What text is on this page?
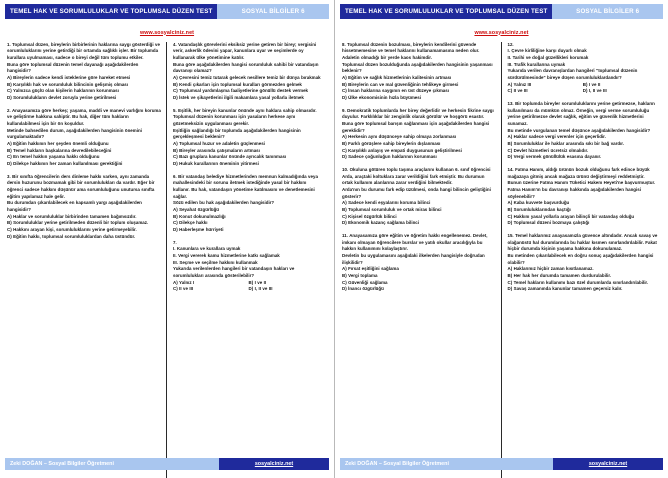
TEMEL HAK VE SORUMLULUKLAR VE TOPLUMSAL DÜZEN TEST	SOSYAL BİLGİLER 6
www.sosyalciniz.net

1. Toplumsal düzen, bireylerin birbirlerinin haklarına saygı gösterdiği ve sorumluluklarını yerine getirdiği bir ortamda sağlıklı işler. Bir toplumda kurallara uyulmaması, sadece o bireyi değil tüm toplumu etkiler.

Buna göre toplumsal düzenin temel dayanağı aşağıdakilerden hangisidir?

A) Bireylerin sadece kendi isteklerine göre hareket etmesi

B) Karşılıklı hak ve sorumluluk bilincinin gelişmiş olması

C) Yalnızca güçlü olan kişilerin haklarının korunması

D) Sorumlulukların devlet zoruyla yerine getirilmesi

2. Anayasamıza göre herkeş; yaşama, maddi ve manevi varlığını koruma ve geliştirme hakkına sahiptir. Bu hak, diğer tüm hakların kullanılabilmesi için bir ön koşuldur.

Metinde bahsedilen durum, aşağıdakilerden hangisinin önemini vurgulamaktadır?

A) Eğitim hakkının her şeyden önemli olduğunu

B) Temel hakların başkalarına devredilebileceğini

C) En temel hakkın yaşama hakkı olduğunu

D) Dilekçe hakkının her zaman kullanılması gerektiğini

3. Bir sınıfta öğrencilerin ders dinleme hakkı varken, aynı zamanda dersin huzurunu bozmamak gibi bir sorumlulukları da vardır. Eğer bir öğrenci sadece hakkını düşünür ama sorumluluğunu unutursa sınıfta eğitim yapılamaz hale gelir.

Bu durumdan çıkarılabilecek en kapsamlı yargı aşağıdakilerden hangisidir?

A) Haklar ve sorumluluklar birbirinden tamamen bağımsızdır.

B) Sorumluluklar yerine getirilmeden düzenli bir toplum oluşamaz.

C) Hakkını arayan kişi, sorumluluklarını yerine getirmeyebilir.

D) Eğitim hakkı, toplumsal sorumluluklardan daha üstündür.

4. Vatandaşlık görevlerini eksiksiz yerine getiren bir birey; vergisini verir, askerlik ödevini yapar, kanunlara uyar ve seçimlerde oy kullanarak ülke yönetimine katılır.

Buna göre aşağıdakilerden hangisi sorumluluk sahibi bir vatandaşın davranışı olamaz?

A) Çevresini temiz tutarak gelecek nesillere temiz bir dünya bırakmak

B) Kendi çıkarları için toplumsal kuralları görmezden gelmek

C) Toplumsal yardımlaşma faaliyetlerine gönüllü destek vermek

D) İstek ve şikayetlerini ilgili makamlara yasal yollarla iletmek

5. Eşitlik, her bireyin kanunlar önünde aynı haklara sahip olmasıdır. Toplumsal düzenin korunması için yasaların herkese aynı gözetmeksizin uygulanması gerekir.

Eşitliğin sağlandığı bir toplumda aşağıdakilerden hangisinin gerçekleşmesi beklenir?

A) Toplumsal huzur ve adaletin güçlenmesi

B) Bireyler arasında çatışmaların artması

C) Bazı gruplara kanunlar önünde ayrıcalık tanınması

D) Hukuk kurallarının öneminin yitirmesi

6. Bir vatandaş belediye hizmetlerinden memnun kalmadığında veya mahallesindeki bir sorunu iletmek istediğinde yasal bir hakkını kullanır. Bu hak, vatandaşın yönetime katılmasını ve denetlemesini sağlar.

Sözü edilen bu hak aşağıdakilerden hangisidir?

A) Seyahat özgürlüğü

B) Konut dokunulmazlığı

C) Dilekçe hakkı

D) Haberleşme hürriyeti

7.

I. Kanunlara ve kurallara uymak

II. Vergi vererek kamu hizmetlerine katkı sağlamak

III. Seçme ve seçilme hakkını kullanmak

Yukarıda verilenlerden hangileri bir vatandaşın hakları ve sorumlulukları arasında gösterilebilir?

A) Yalnız I	B) I ve II

C) II ve III	D) I, II ve III

Zeki DOĞAN – Sosyal Bilgiler Öğretmeni	sosyalciniz.net
TEMEL HAK VE SORUMLULUKLAR VE TOPLUMSAL DÜZEN TEST	SOSYAL BİLGİLER 6
www.sosyalciniz.net

8. Toplumsal düzenin bozulması, bireylerin kendilerini güvende hissetmemesine ve temel haklarını kullanamamasına neden olur. Adaletin olmadığı bir yerde kaos hakimdir.

Toplumsal düzen bozulduğunda aşağıdakilerden hangisinin yaşanması beklenir?

A) Eğitim ve sağlık hizmetlerinin kalitesinin artması

B) Bireylerin can ve mal güvenliğinin tehlikeye girmesi

C) İnsan haklarına saygının en üst düzeye çıkması

D) Ülke ekonomisinin hızla büyümesi

9. Demokratik toplumlarda her birey değerlidir ve herkesin fikrine saygı duyulur. Farklılıklar bir zenginlik olarak görülür ve hoşgörü esastır.

Buna göre toplumsal barışın sağlanması için aşağıdakilerden hangisi gereklidir?

A) Herkesin aynı düşünceye sahip olmaya zorlanması

B) Farklı görüşlere sahip bireylerin dışlanması

C) Karşılıklı anlayış ve empati duygusunun geliştirilmesi

D) Sadece çoğunluğun haklarının korunması

10. Okuluna götüren toplu taşıma araçlarını kullanan 6. sınıf öğrencisi Arda, araçtaki koltuklara zarar verildiğini fark etmiştir. Bu durumun ortak kullanım alanlarına zarar verdiğini bilmektedir.

Arda'nın bu durumu fark edip üzülmesi, onda hangi bilincin geliştiğini gösterir?

A) Sadece kendi eşyalarını koruma bilinci

B) Toplumsal sorumluluk ve ortak miras bilinci

C) Kişisel özgürlük bilinci

D) Ekonomik kazanç sağlama bilinci

11. Anayasamıza göre eğitim ve öğretim hakkı engellenemez. Devlet, imkanı olmayan öğrencilere burslar ve yatılı okullar aracılığıyla bu hakkın kullanımını kolaylaştırır.

Devletin bu uygulamasını aşağıdaki ilkelerden hangisiyle doğrudan ilişkilidir?

A) Fırsat eşitliğini sağlama

B) Vergi toplama

C) Güvenliği sağlama

D) İnancı özgürlüğü

12.

I. Çevre kirliliğine karşı duyarlı olmak

II. Tarihi ve doğal güzellikleri korumak

III. Trafik kurallarına uymak

Yukarıda verilen davranışlardan hangileri "toplumsal düzenin sürdürülmesinde" bireye düşen sorumluluklardandır?

A) Yalnız III	B) I ve II

C) II ve III	D) I, II ve III

13. Bir toplumda bireyler sorumluluklarını yerine getirmezse, hakların kullanılması da mümkün olmaz. Örneğin, vergi verme sorumluluğu yerine getirilmezse devlet sağlık, eğitim ve güvenlik hizmetlerini sunamaz.

Bu metinde vurgulanan temel düşünce aşağıdakilerden hangisidir?

A) Haklar sadece vergi verenler için geçerlidir.

B) Sorumluluklar ile haklar arasında sıkı bir bağ vardır.

C) Devlet hizmetleri ücretsiz olmalıdır.

D) Vergi vermek gönüllülük esasına dayanır.

14. Fatma Hanım, aldığı ürünün bozuk olduğunu fark edince büyük mağazaya gitmiş ancak mağaza ürünü değiştirmeyi reddetmiştir. Bunun üzerine Fatma Hanım Tüketici Hakem Heyeti'ne başvurmuştur.

Fatma Hanım'ın bu davranışı hakkında aşağıdakilerden hangisi söylenebilir?

A) Kaba kuvvete başvurduğu

B) Sorumluluklarından kaçtığı

C) Hakkını yasal yollarla arayan bilinçli bir vatandaş olduğu

D) Toplumsal düzeni bozmaya çalıştığı

15. Temel haklarımız anayasamızla güvence altındadır. Ancak savaş ve olağanüstü hal durumlarında bu haklar kısmen sınırlandırılabilir. Fakat hiçbir durumda kişinin yaşama hakkına dokunulamaz.

Bu metinden çıkarılabilecek en doğru sonuç aşağıdakilerden hangisi olabilir?

A) Haklarımız hiçbir zaman kısıtlanamaz.

B) Her hak her durumda tamamen durdurulabilir.

C) Temel hakların kullanımı bazı özel durumlarda sınırlandırılabilir.

D) Savaş zamanında kanunlar tamamen geçersiz kalır.

Zeki DOĞAN – Sosyal Bilgiler Öğretmeni	sosyalciniz.net
